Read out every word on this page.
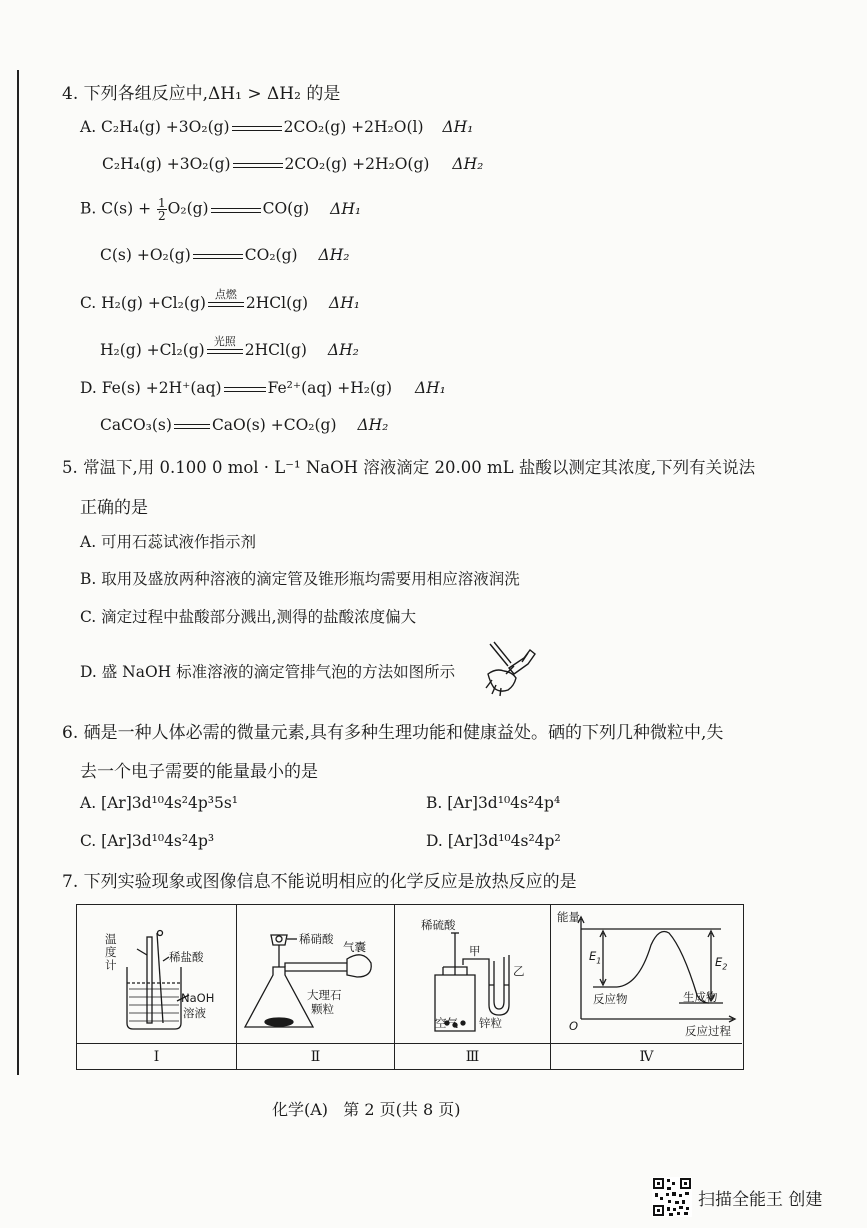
4. 下列各组反应中,ΔH₁ > ΔH₂ 的是
A. C₂H₄(g) +3O₂(g)	2CO₂(g) +2H₂O(l) ΔH₁
C₂H₄(g) +3O₂(g)	2CO₂(g) +2H₂O(g) ΔH₂
B. $C(s) + \frac{1}{2} O_2(g)$	CO(g) ΔH₁
C(s) +O₂(g)	CO₂(g) ΔH₂
C. H₂(g) +Cl₂(g) 点燃 2HCl(g) ΔH₁
H₂(g) +Cl₂(g) 光照 2HCl(g) ΔH₂
D. Fe(s) +2H⁺(aq)	Fe²⁺(aq) +H₂(g) ΔH₁
CaCO₃(s)	CaO(s) +CO₂(g) ΔH₂
5. 常温下,用 0.100 0 mol · L⁻¹ NaOH 溶液滴定 20.00 mL 盐酸以测定其浓度,下列有关说法
正确的是
A. 可用石蕊试液作指示剂
B. 取用及盛放两种溶液的滴定管及锥形瓶均需要用相应溶液润洗
C. 滴定过程中盐酸部分溅出,测得的盐酸浓度偏大
D. 盛 NaOH 标准溶液的滴定管排气泡的方法如图所示
6. 硒是一种人体必需的微量元素,具有多种生理功能和健康益处。硒的下列几种微粒中,失
去一个电子需要的能量最小的是
A. [Ar]3d¹⁰4s²4p³5s¹	B. [Ar]3d¹⁰4s²4p⁴
C. [Ar]3d¹⁰4s²4p³	D. [Ar]3d¹⁰4s²4p²
7. 下列实验现象或图像信息不能说明相应的化学反应是放热反应的是
温度计
稀盐酸
NaOH
溶液
Ⅰ
稀硝酸
气囊
大理石
颗粒
Ⅱ
稀硫酸
甲
乙
空气 锌粒
Ⅲ
能量
$E_1$	$E_2$
反应物	生成物
O	反应过程
Ⅳ
化学(A)   第 2 页(共 8 页)
扫描全能王 创建
